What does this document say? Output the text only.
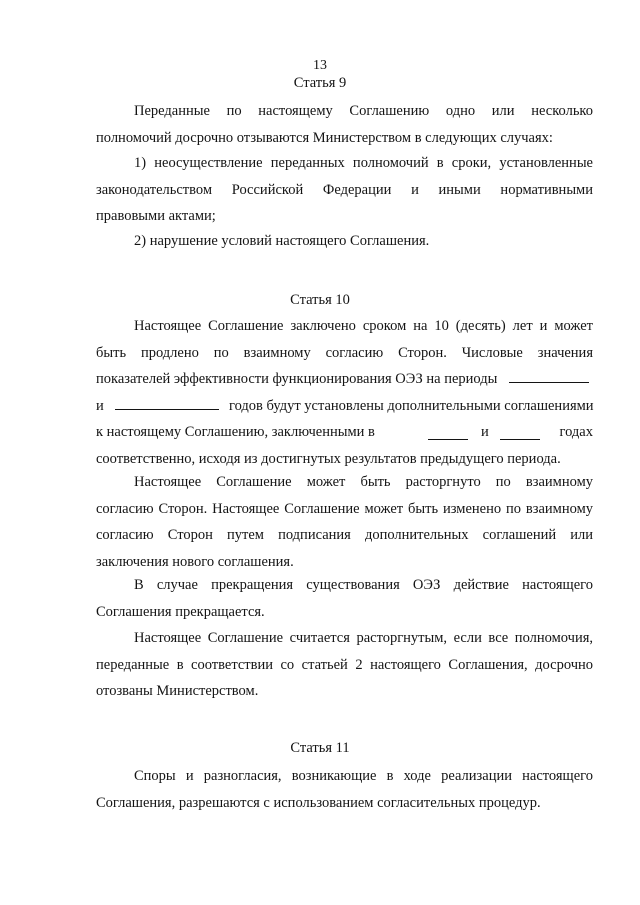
13
Статья 9
Переданные по настоящему Соглашению одно или несколько
полномочий досрочно отзываются Министерством в следующих случаях:
1) неосуществление переданных полномочий в сроки, установленные
законодательством Российской Федерации и иными нормативными
правовыми актами;
2) нарушение условий настоящего Соглашения.
Статья 10
Настоящее Соглашение заключено сроком на 10 (десять) лет и может
быть продлено по взаимному согласию Сторон. Числовые значения
показателей эффективности функционирования ОЭЗ на периоды
и	годов будут установлены дополнительными соглашениями
к настоящему Соглашению, заключенными в	и	годах
соответственно, исходя из достигнутых результатов предыдущего периода.
Настоящее Соглашение может быть расторгнуто по взаимному
согласию Сторон. Настоящее Соглашение может быть изменено по взаимному
согласию Сторон путем подписания дополнительных соглашений или
заключения нового соглашения.
В случае прекращения существования ОЭЗ действие настоящего
Соглашения прекращается.
Настоящее Соглашение считается расторгнутым, если все полномочия,
переданные в соответствии со статьей 2 настоящего Соглашения, досрочно
отозваны Министерством.
Статья 11
Споры и разногласия, возникающие в ходе реализации настоящего
Соглашения, разрешаются с использованием согласительных процедур.
